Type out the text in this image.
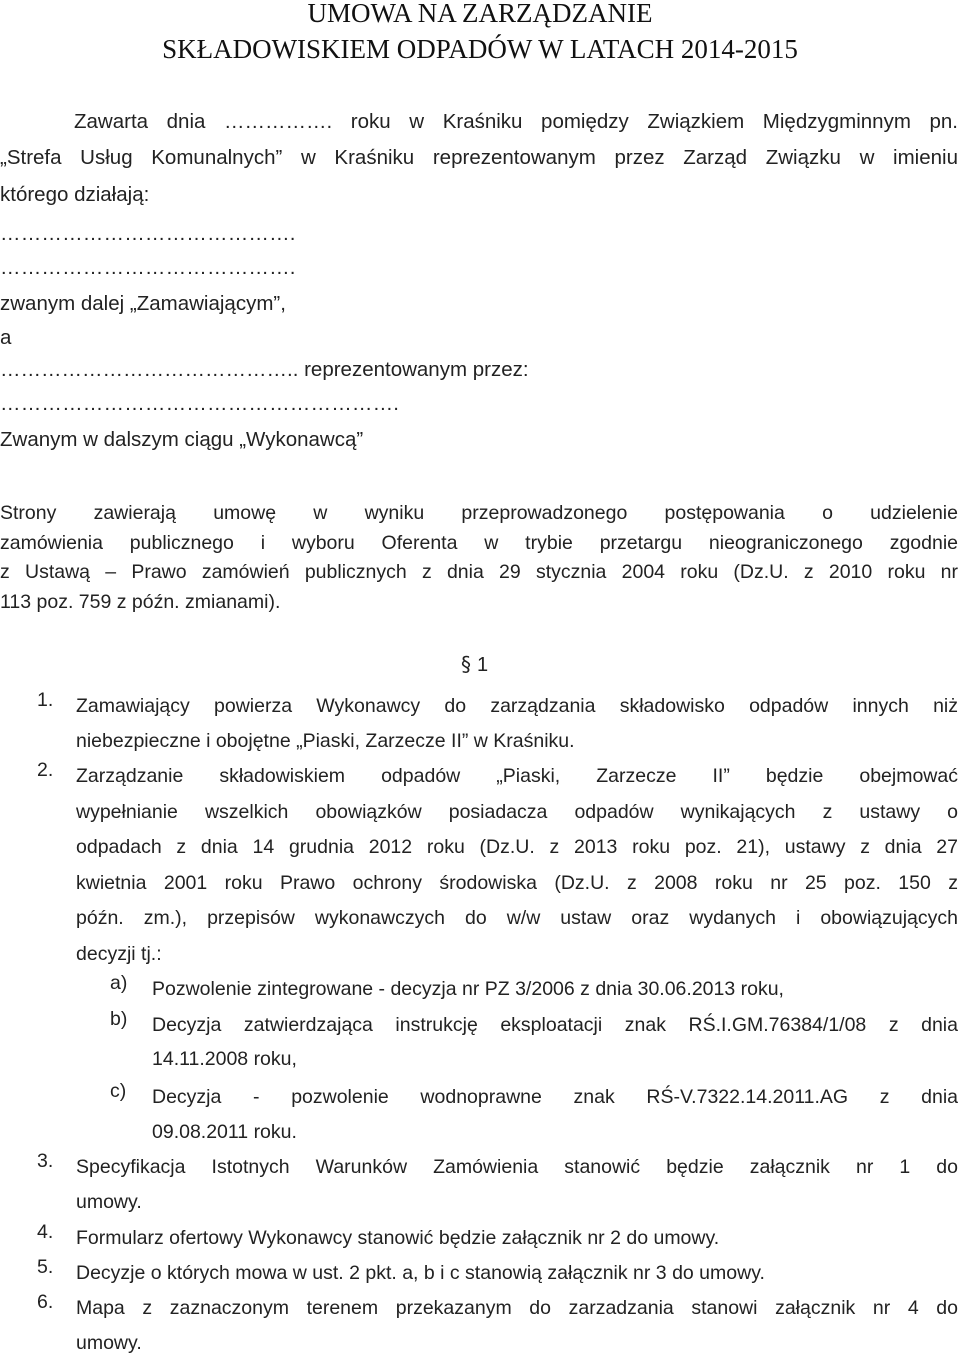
UMOWA NA ZARZĄDZANIE
SKŁADOWISKIEM ODPADÓW W LATACH 2014-2015
Zawarta dnia ……………. roku w Kraśniku pomiędzy Związkiem Międzygminnym pn.
„Strefa Usług Komunalnych” w Kraśniku reprezentowanym przez Zarząd Związku w imieniu
którego działają:
…………………………………….
…………………………………….
zwanym dalej „Zamawiającym”,
a
…………………………………….. reprezentowanym przez:
………………………………………………….
Zwanym w dalszym ciągu „Wykonawcą”
Strony zawierają umowę w wyniku przeprowadzonego postępowania o udzielenie
zamówienia publicznego i wyboru Oferenta w trybie przetargu nieograniczonego zgodnie
z Ustawą – Prawo zamówień publicznych z dnia 29 stycznia 2004 roku (Dz.U. z 2010 roku nr
113 poz. 759 z późn. zmianami).
§ 1
1. Zamawiający powierza Wykonawcy do zarządzania składowisko odpadów innych niż
niebezpieczne i obojętne „Piaski, Zarzecze II” w Kraśniku.
2. Zarządzanie składowiskiem odpadów „Piaski, Zarzecze II” będzie obejmować
wypełnianie wszelkich obowiązków posiadacza odpadów wynikających z ustawy o
odpadach z dnia 14 grudnia 2012 roku (Dz.U. z 2013 roku poz. 21), ustawy z dnia 27
kwietnia 2001 roku Prawo ochrony środowiska (Dz.U. z 2008 roku nr 25 poz. 150 z
późn. zm.), przepisów wykonawczych do w/w ustaw oraz wydanych i obowiązujących
decyzji tj.:
a) Pozwolenie zintegrowane - decyzja nr PZ 3/2006 z dnia 30.06.2013 roku,
b) Decyzja zatwierdzająca instrukcję eksploatacji znak RŚ.I.GM.76384/1/08 z dnia
14.11.2008 roku,
c) Decyzja - pozwolenie wodnoprawne znak RŚ-V.7322.14.2011.AG z dnia
09.08.2011 roku.
3. Specyfikacja Istotnych Warunków Zamówienia stanowić będzie załącznik nr 1 do
umowy.
4. Formularz ofertowy Wykonawcy stanowić będzie załącznik nr 2 do umowy.
5. Decyzje o których mowa w ust. 2 pkt. a, b i c stanowią załącznik nr 3 do umowy.
6. Mapa z zaznaczonym terenem przekazanym do zarzadzania stanowi załącznik nr 4 do
umowy.
